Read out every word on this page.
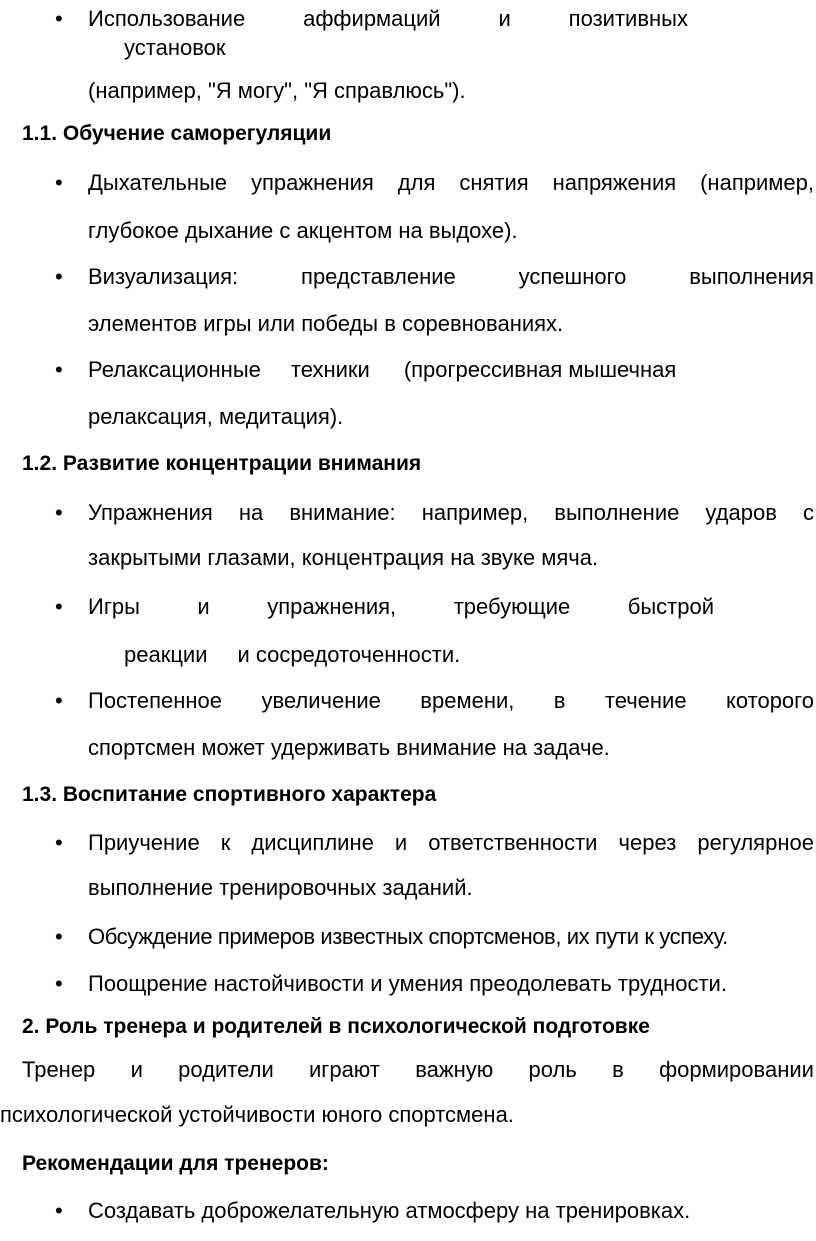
• Использование	аффирмаций	и	позитивных

установок

(например, "Я могу", "Я справлюсь").

1.1. Обучение саморегуляции
• Дыхательные упражнения для снятия напряжения (например,

глубокое дыхание с акцентом на выдохе).

• Визуализация:	представление	успешного	выполнения

элементов игры или победы в соревнованиях.

• Релаксационные техники (прогрессивная мышечная

релаксация, медитация).

1.2. Развитие концентрации внимания
• Упражнения на внимание: например, выполнение ударов с

закрытыми глазами, концентрация на звуке мяча.

• Игры	и	упражнения,	требующие	быстрой
реакции и сосредоточенности.
• Постепенное увеличение времени, в течение которого

спортсмен может удерживать внимание на задаче.

1.3. Воспитание спортивного характера
• Приучение к дисциплине и ответственности через регулярное

выполнение тренировочных заданий.

• Обсуждение примеров известных спортсменов, их пути к успеху.

• Поощрение настойчивости и умения преодолевать трудности.

2. Роль тренера и родителей в психологической подготовке
Тренер и родители играют важную роль в формировании

психологической устойчивости юного спортсмена.

Рекомендации для тренеров:
• Создавать доброжелательную атмосферу на тренировках.
